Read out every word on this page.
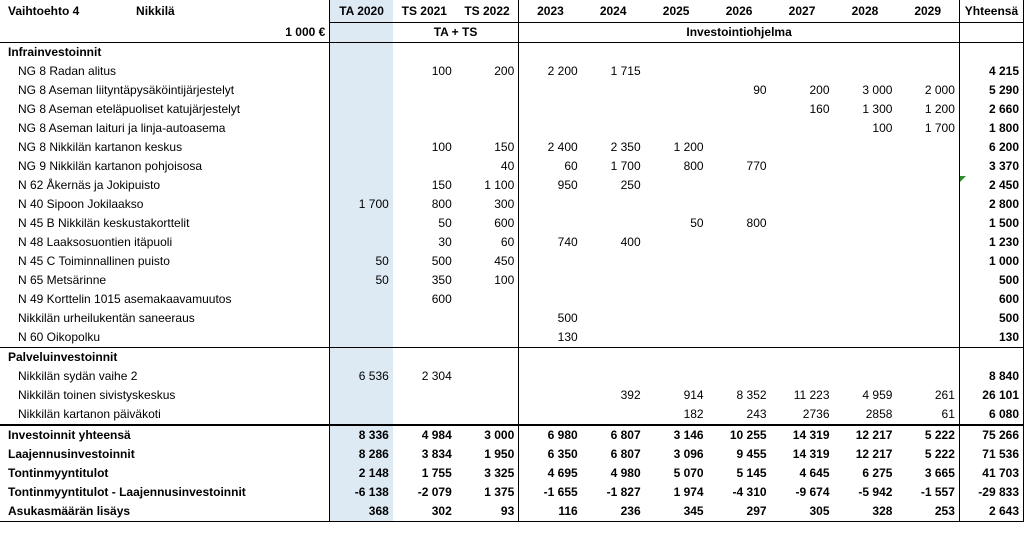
Vaihtoehto 4 Nikkilä	TA 2020	TS 2021	TS 2022	2023	2024	2025	2026	2027	2028	2029	Yhteensä
1 000 €		TA + TS		Investointiohjelma							
Infrainvestoinnit											
NG 8 Radan alitus		100	200	2 200	1 715						4 215
NG 8 Aseman liityntäpysäköintijärjestelyt							90	200	3 000	2 000	5 290
NG 8 Aseman eteläpuoliset katujärjestelyt								160	1 300	1 200	2 660
NG 8 Aseman laituri ja linja-autoasema									100	1 700	1 800
NG 8 Nikkilän kartanon keskus		100	150	2 400	2 350	1 200					6 200
NG 9 Nikkilän kartanon pohjoisosa			40	60	1 700	800	770				3 370
N 62 Åkernäs ja Jokipuisto		150	1 100	950	250						2 450
N 40 Sipoon Jokilaakso	1 700	800	300								2 800
N 45 B Nikkilän keskustakorttelit		50	600			50	800				1 500
N 48 Laaksosuontien itäpuoli		30	60	740	400						1 230
N 45 C Toiminnallinen puisto	50	500	450								1 000
N 65 Metsärinne	50	350	100								500
N 49 Korttelin 1015 asemakaavamuutos		600									600
Nikkilän urheilukentän saneeraus				500							500
N 60 Oikopolku				130							130
Palveluinvestoinnit											
Nikkilän sydän vaihe 2	6 536	2 304									8 840
Nikkilän toinen sivistyskeskus					392	914	8 352	11 223	4 959	261	26 101
Nikkilän kartanon päiväkoti						182	243	2736	2858	61	6 080
Investoinnit yhteensä	8 336	4 984	3 000	6 980	6 807	3 146	10 255	14 319	12 217	5 222	75 266
Laajennusinvestoinnit	8 286	3 834	1 950	6 350	6 807	3 096	9 455	14 319	12 217	5 222	71 536
Tontinmyyntitulot	2 148	1 755	3 325	4 695	4 980	5 070	5 145	4 645	6 275	3 665	41 703
Tontinmyyntitulot - Laajennusinvestoinnit	-6 138	-2 079	1 375	-1 655	-1 827	1 974	-4 310	-9 674	-5 942	-1 557	-29 833
Asukasmäärän lisäys	368	302	93	116	236	345	297	305	328	253	2 643
